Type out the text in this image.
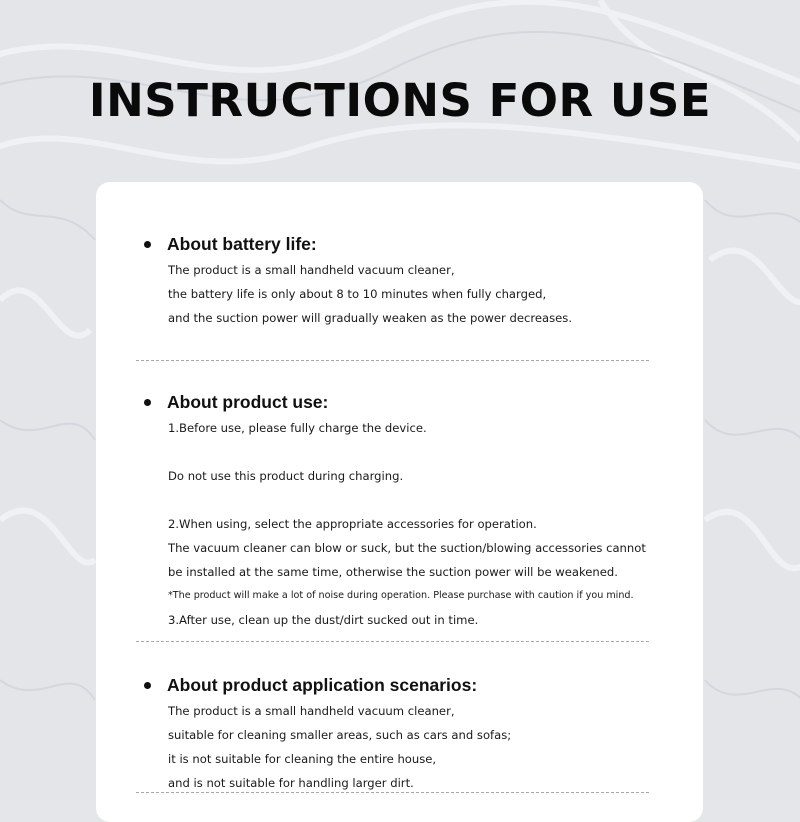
INSTRUCTIONS FOR USE
About battery life:
The product is a small handheld vacuum cleaner,
the battery life is only about 8 to 10 minutes when fully charged,
and the suction power will gradually weaken as the power decreases.
About product use:
1.Before use, please fully charge the device.
Do not use this product during charging.
2.When using, select the appropriate accessories for operation.
The vacuum cleaner can blow or suck, but the suction/blowing accessories cannot
be installed at the same time, otherwise the suction power will be weakened.
*The product will make a lot of noise during operation. Please purchase with caution if you mind.
3.After use, clean up the dust/dirt sucked out in time.
About product application scenarios:
The product is a small handheld vacuum cleaner,
suitable for cleaning smaller areas, such as cars and sofas;
it is not suitable for cleaning the entire house,
and is not suitable for handling larger dirt.
